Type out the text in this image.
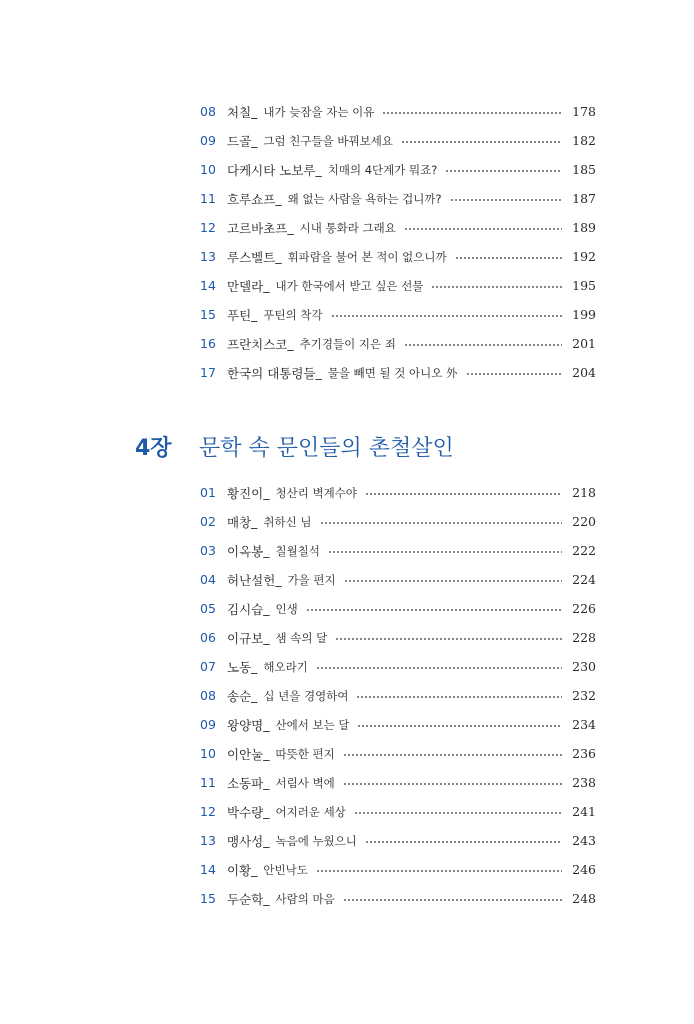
08 처칠 _ 내가 늦잠을 자는 이유	178
09 드골 _ 그럼 친구들을 바꿔보세요	182
10 다케시타 노보루 _ 치매의 4단계가 뭐죠?	185
11 흐루쇼프 _ 왜 없는 사람을 욕하는 겁니까?	187
12 고르바초프 _ 시내 통화라 그래요	189
13 루스벨트 _ 휘파람을 불어 본 적이 없으니까	192
14 만델라 _ 내가 한국에서 받고 싶은 선물	195
15 푸틴 _ 푸틴의 착각	199
16 프란치스코 _ 추기경들이 지은 죄	201
17 한국의 대통령들 _ 물을 빼면 될 것 아니오 外	204
4장	문학 속 문인들의 촌철살인
01 황진이 _ 청산리 벽계수야	218
02 매창 _ 취하신 님	220
03 이옥봉 _ 칠월칠석	222
04 허난설헌 _ 가을 편지	224
05 김시습 _ 인생	226
06 이규보 _ 샘 속의 달	228
07 노동 _ 해오라기	230
08 송순 _ 십 년을 경영하여	232
09 왕양명 _ 산에서 보는 달	234
10 이안눌 _ 따뜻한 편지	236
11 소동파 _ 서림사 벽에	238
12 박수량 _ 어지러운 세상	241
13 맹사성 _ 녹음에 누웠으니	243
14 이황 _ 안빈낙도	246
15 두순학 _ 사람의 마음	248
